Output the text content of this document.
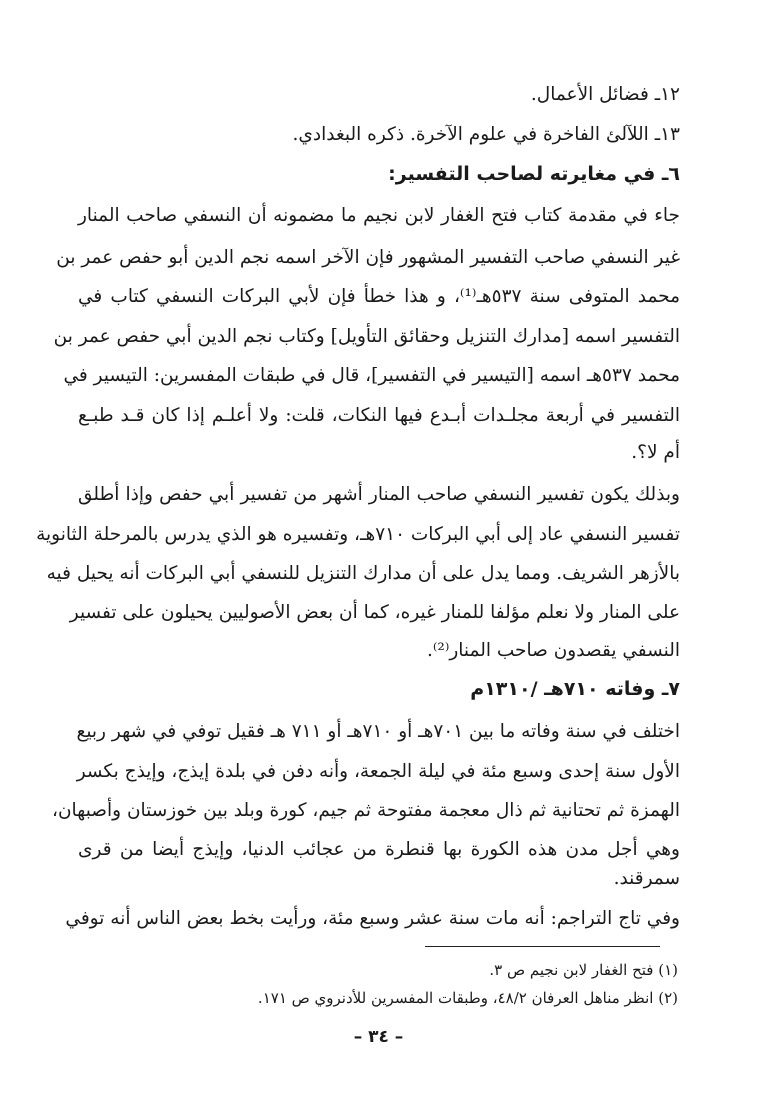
١٢ـ فضائل الأعمال.
١٣ـ اللآلئ الفاخرة في علوم الآخرة. ذكره البغدادي.
٦ـ في مغايرته لصاحب التفسير:
جاء في مقدمة كتاب فتح الغفار لابن نجيم ما مضمونه أن النسفي صاحب المنار
غير النسفي صاحب التفسير المشهور فإن الآخر اسمه نجم الدين أبو حفص عمر بن
محمد المتوفى سنة ٥٣٧هـ⁽¹⁾، و هذا خطأ فإن لأبي البركات النسفي كتاب في
التفسير اسمه [مدارك التنزيل وحقائق التأويل] وكتاب نجم الدين أبي حفص عمر بن
محمد ٥٣٧هـ اسمه [التيسير في التفسير]، قال في طبقات المفسرين: التيسير في
التفسير في أربعة مجلـدات أبـدع فيها النكات، قلت: ولا أعلـم إذا كان قـد طبـع
أم لا؟.
وبذلك يكون تفسير النسفي صاحب المنار أشهر من تفسير أبي حفص وإذا أطلق
تفسير النسفي عاد إلى أبي البركات ٧١٠هـ، وتفسيره هو الذي يدرس بالمرحلة الثانوية
بالأزهر الشريف. ومما يدل على أن مدارك التنزيل للنسفي أبي البركات أنه يحيل فيه
على المنار ولا نعلم مؤلفا للمنار غيره، كما أن بعض الأصوليين يحيلون على تفسير
النسفي يقصدون صاحب المنار⁽²⁾.
٧ـ وفاته ٧١٠هـ /١٣١٠م
اختلف في سنة وفاته ما بين ٧٠١هـ أو ٧١٠هـ أو ٧١١ هـ فقيل توفي في شهر ربيع
الأول سنة إحدى وسبع مئة في ليلة الجمعة، وأنه دفن في بلدة إيذج، وإيذج بكسر
الهمزة ثم تحتانية ثم ذال معجمة مفتوحة ثم جيم، كورة وبلد بين خوزستان وأصبهان،
وهي أجل مدن هذه الكورة بها قنطرة من عجائب الدنيا، وإيذج أيضا من قرى
سمرقند.
وفي تاج التراجم: أنه مات سنة عشر وسبع مئة، ورأيت بخط بعض الناس أنه توفي
(١) فتح الغفار لابن نجيم ص ٣.
(٢) انظر مناهل العرفان ٤٨/٢، وطبقات المفسرين للأدنروي ص ١٧١.
– ٣٤ –
